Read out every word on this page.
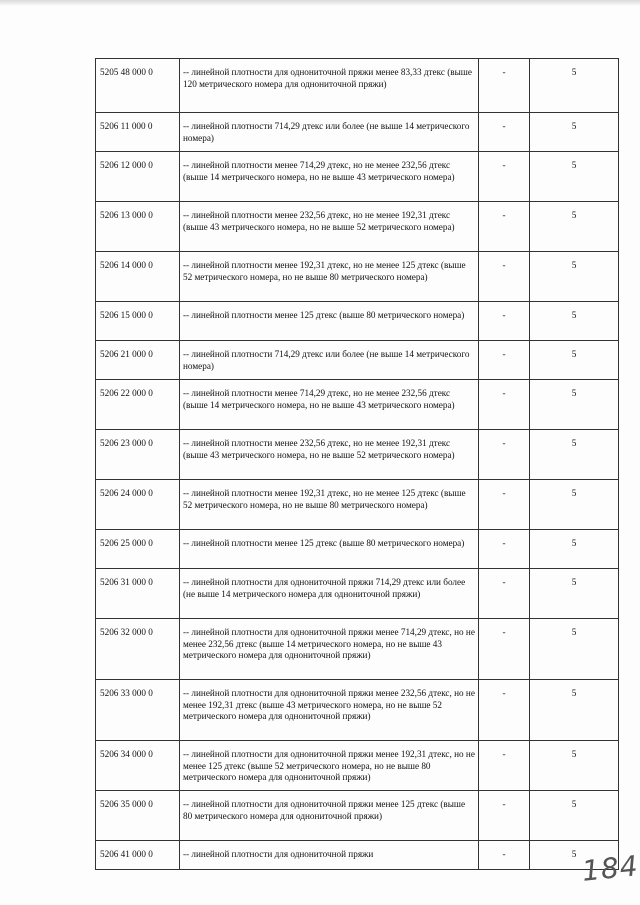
5205 48 000 0	-- линейной плотности для однониточной пряжи менее 83,33 дтекс (выше 120 метрического номера для однониточной пряжи)	-	5
5206 11 000 0	-- линейной плотности 714,29 дтекс или более (не выше 14 метрического номера)	-	5
5206 12 000 0	-- линейной плотности менее 714,29 дтекс, но не менее 232,56 дтекс (выше 14 метрического номера, но не выше 43 метрического номера)	-	5
5206 13 000 0	-- линейной плотности менее 232,56 дтекс, но не менее 192,31 дтекс (выше 43 метрического номера, но не выше 52 метрического номера)	-	5
5206 14 000 0	-- линейной плотности менее 192,31 дтекс, но не менее 125 дтекс (выше 52 метрического номера, но не выше 80 метрического номера)	-	5
5206 15 000 0	-- линейной плотности менее 125 дтекс (выше 80 метрического номера)	-	5
5206 21 000 0	-- линейной плотности 714,29 дтекс или более (не выше 14 метрического номера)	-	5
5206 22 000 0	-- линейной плотности менее 714,29 дтекс, но не менее 232,56 дтекс (выше 14 метрического номера, но не выше 43 метрического номера)	-	5
5206 23 000 0	-- линейной плотности менее 232,56 дтекс, но не менее 192,31 дтекс (выше 43 метрического номера, но не выше 52 метрического номера)	-	5
5206 24 000 0	-- линейной плотности менее 192,31 дтекс, но не менее 125 дтекс (выше 52 метрического номера, но не выше 80 метрического номера)	-	5
5206 25 000 0	-- линейной плотности менее 125 дтекс (выше 80 метрического номера)	-	5
5206 31 000 0	-- линейной плотности для однониточной пряжи 714,29 дтекс или более (не выше 14 метрического номера для однониточной пряжи)	-	5
5206 32 000 0	-- линейной плотности для однониточной пряжи менее 714,29 дтекс, но не менее 232,56 дтекс (выше 14 метрического номера, но не выше 43 метрического номера для однониточной пряжи)	-	5
5206 33 000 0	-- линейной плотности для однониточной пряжи менее 232,56 дтекс, но не менее 192,31 дтекс (выше 43 метрического номера, но не выше 52 метрического номера для однониточной пряжи)	-	5
5206 34 000 0	-- линейной плотности для однониточной пряжи менее 192,31 дтекс, но не менее 125 дтекс (выше 52 метрического номера, но не выше 80 метрического номера для однониточной пряжи)	-	5
5206 35 000 0	-- линейной плотности для однониточной пряжи менее 125 дтекс (выше 80 метрического номера для однониточной пряжи)	-	5
5206 41 000 0	-- линейной плотности для однониточной пряжи	-	5 184
